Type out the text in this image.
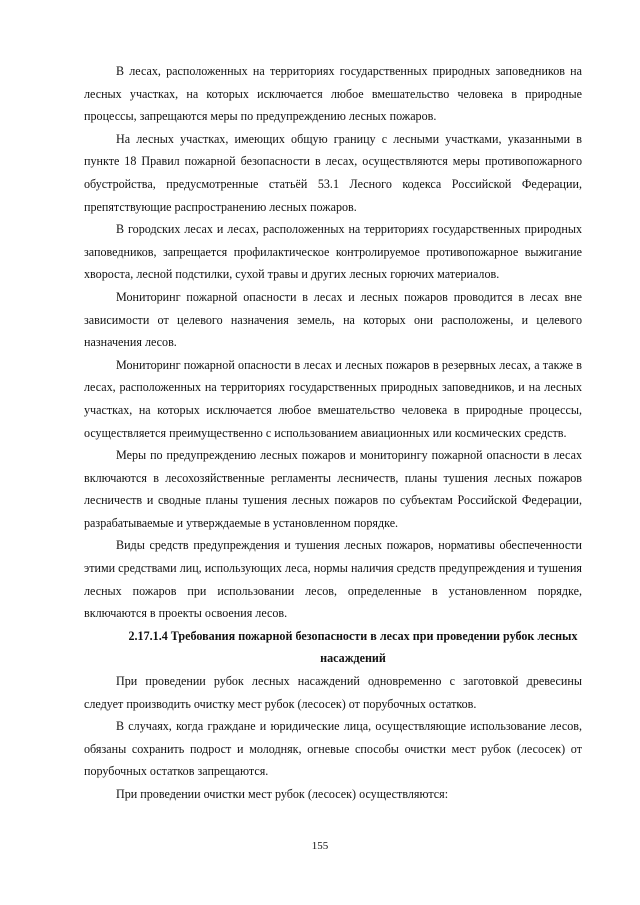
В лесах, расположенных на территориях государственных природных заповедников на лесных участках, на которых исключается любое вмешательство человека в природные процессы, запрещаются меры по предупреждению лесных пожаров.

На лесных участках, имеющих общую границу с лесными участками, указанными в пункте 18 Правил пожарной безопасности в лесах, осуществляются меры противопожарного обустройства, предусмотренные статьёй 53.1 Лесного кодекса Российской Федерации, препятствующие распространению лесных пожаров.

В городских лесах и лесах, расположенных на территориях государственных природных заповедников, запрещается профилактическое контролируемое противопожарное выжигание хвороста, лесной подстилки, сухой травы и других лесных горючих материалов.

Мониторинг пожарной опасности в лесах и лесных пожаров проводится в лесах вне зависимости от целевого назначения земель, на которых они расположены, и целевого назначения лесов.

Мониторинг пожарной опасности в лесах и лесных пожаров в резервных лесах, а также в лесах, расположенных на территориях государственных природных заповедников, и на лесных участках, на которых исключается любое вмешательство человека в природные процессы, осуществляется преимущественно с использованием авиационных или космических средств.

Меры по предупреждению лесных пожаров и мониторингу пожарной опасности в лесах включаются в лесохозяйственные регламенты лесничеств, планы тушения лесных пожаров лесничеств и сводные планы тушения лесных пожаров по субъектам Российской Федерации, разрабатываемые и утверждаемые в установленном порядке.

Виды средств предупреждения и тушения лесных пожаров, нормативы обеспеченности этими средствами лиц, использующих леса, нормы наличия средств предупреждения и тушения лесных пожаров при использовании лесов, определенные в установленном порядке, включаются в проекты освоения лесов.

2.17.1.4 Требования пожарной безопасности в лесах при проведении рубок лесных насаждений

При проведении рубок лесных насаждений одновременно с заготовкой древесины следует производить очистку мест рубок (лесосек) от порубочных остатков.

В случаях, когда граждане и юридические лица, осуществляющие использование лесов, обязаны сохранить подрост и молодняк, огневые способы очистки мест рубок (лесосек) от порубочных остатков запрещаются.

При проведении очистки мест рубок (лесосек) осуществляются:

155
